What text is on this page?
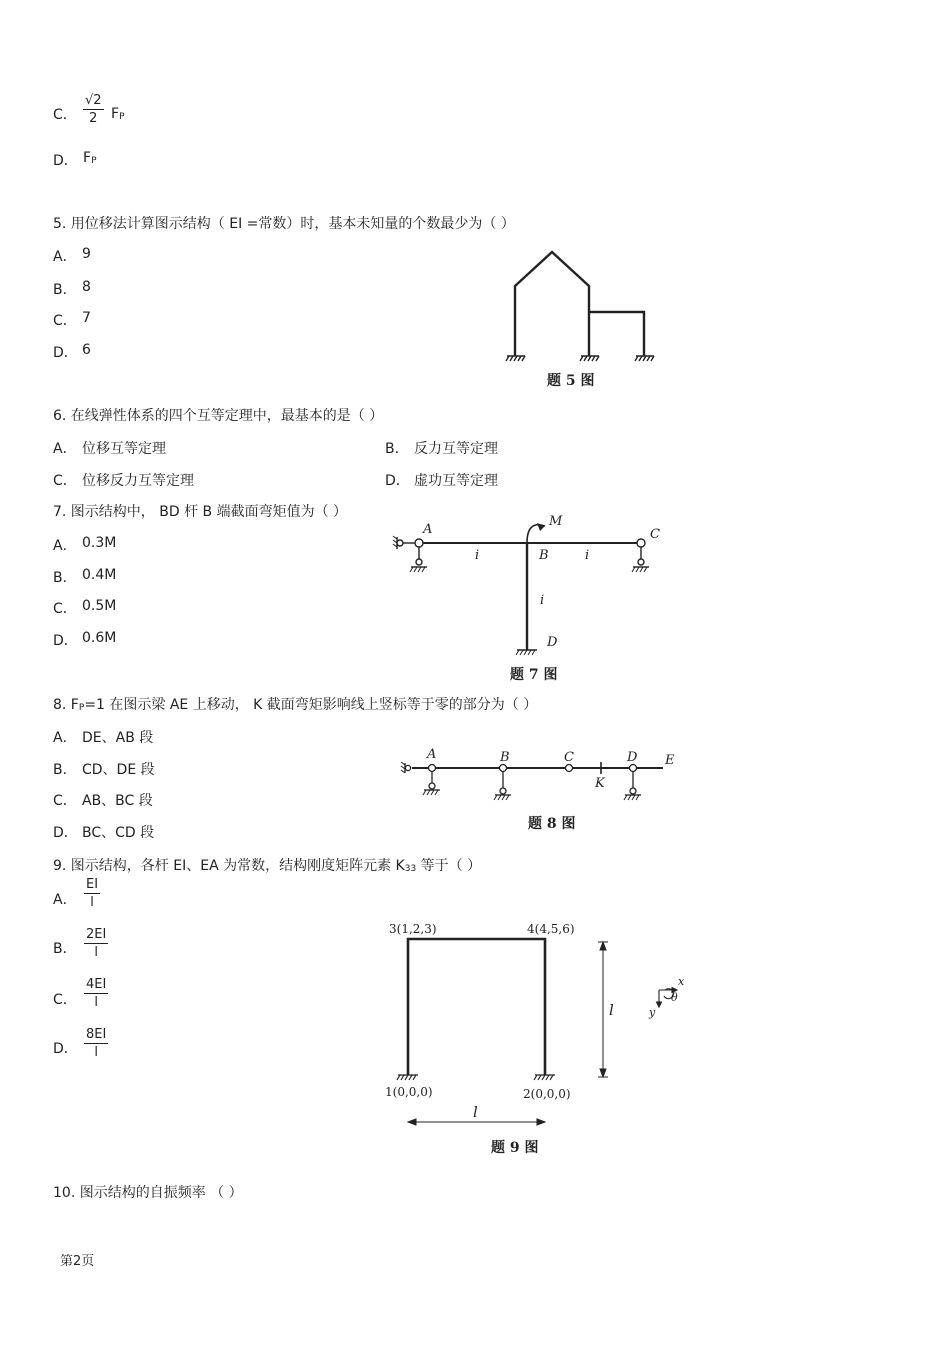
C． $\frac{√2}{2}$ FP
D． FP
5. 用位移法计算图示结构（ EI =常数）时，基本未知量的个数最少为（ ）
A． 9
B． 8
C． 7
D． 6
题 5 图
6. 在线弹性体系的四个互等定理中，最基本的是（ ）
A． 位移互等定理	B． 反力互等定理
C． 位移反力互等定理	D． 虚功互等定理
7. 图示结构中， BD 杆 B 端截面弯矩值为（ ）
A． 0.3M
B． 0.4M
C． 0.5M
D． 0.6M
A
M
C
B
i	i
i
D
题 7 图
8. FP=1 在图示梁 AE 上移动， K 截面弯矩影响线上竖标等于零的部分为（ ）
A． DE、AB 段
B． CD、DE 段
C． AB、BC 段
D． BC、CD 段
A	B	C	D E
K
题 8 图
9. 图示结构，各杆 EI、EA 为常数，结构刚度矩阵元素 K33 等于（ ）
A． $\frac{EI}{l}$
B． $\frac{2EI}{l}$
C． $\frac{4EI}{l}$
D． $\frac{8EI}{l}$
3(1,2,3)	4(4,5,6)
1(0,0,0)	2(0,0,0)
l
l
x
y
θ
题 9 图
10. 图示结构的自振频率 （ ）
第2页
